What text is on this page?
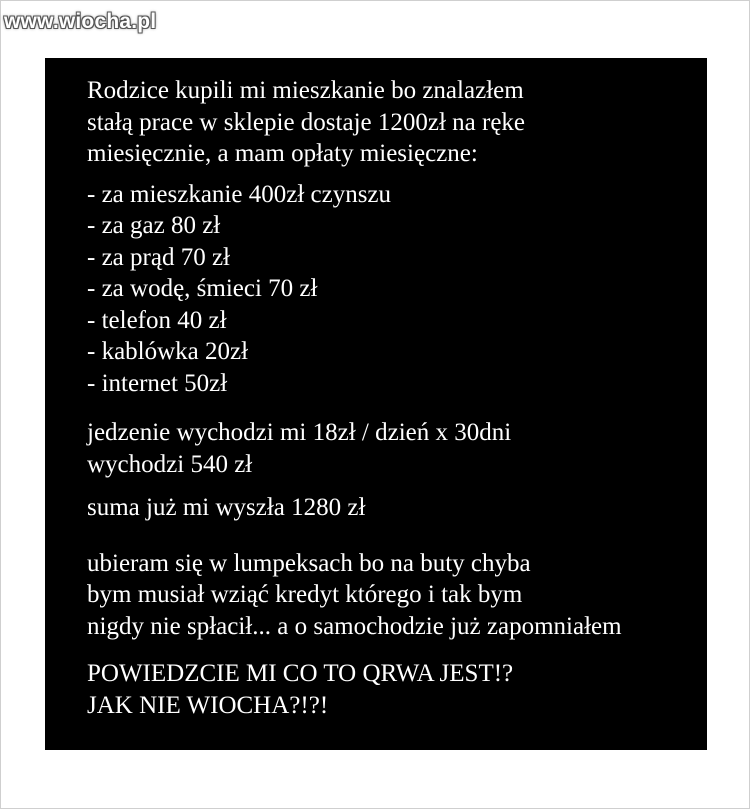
www.wiocha.pl

Rodzice kupili mi mieszkanie bo znalazłem

stałą prace w sklepie dostaje 1200zł na ręke

miesięcznie, a mam opłaty miesięczne:

- za mieszkanie 400zł czynszu

- za gaz 80 zł

- za prąd 70 zł

- za wodę, śmieci 70 zł

- telefon 40 zł

- kablówka 20zł

- internet 50zł

jedzenie wychodzi mi 18zł / dzień x 30dni

wychodzi 540 zł

suma już mi wyszła 1280 zł

ubieram się w lumpeksach bo na buty chyba

bym musiał wziąć kredyt którego i tak bym

nigdy nie spłacił... a o samochodzie już zapomniałem

POWIEDZCIE MI CO TO QRWA JEST!?

JAK NIE WIOCHA?!?!
